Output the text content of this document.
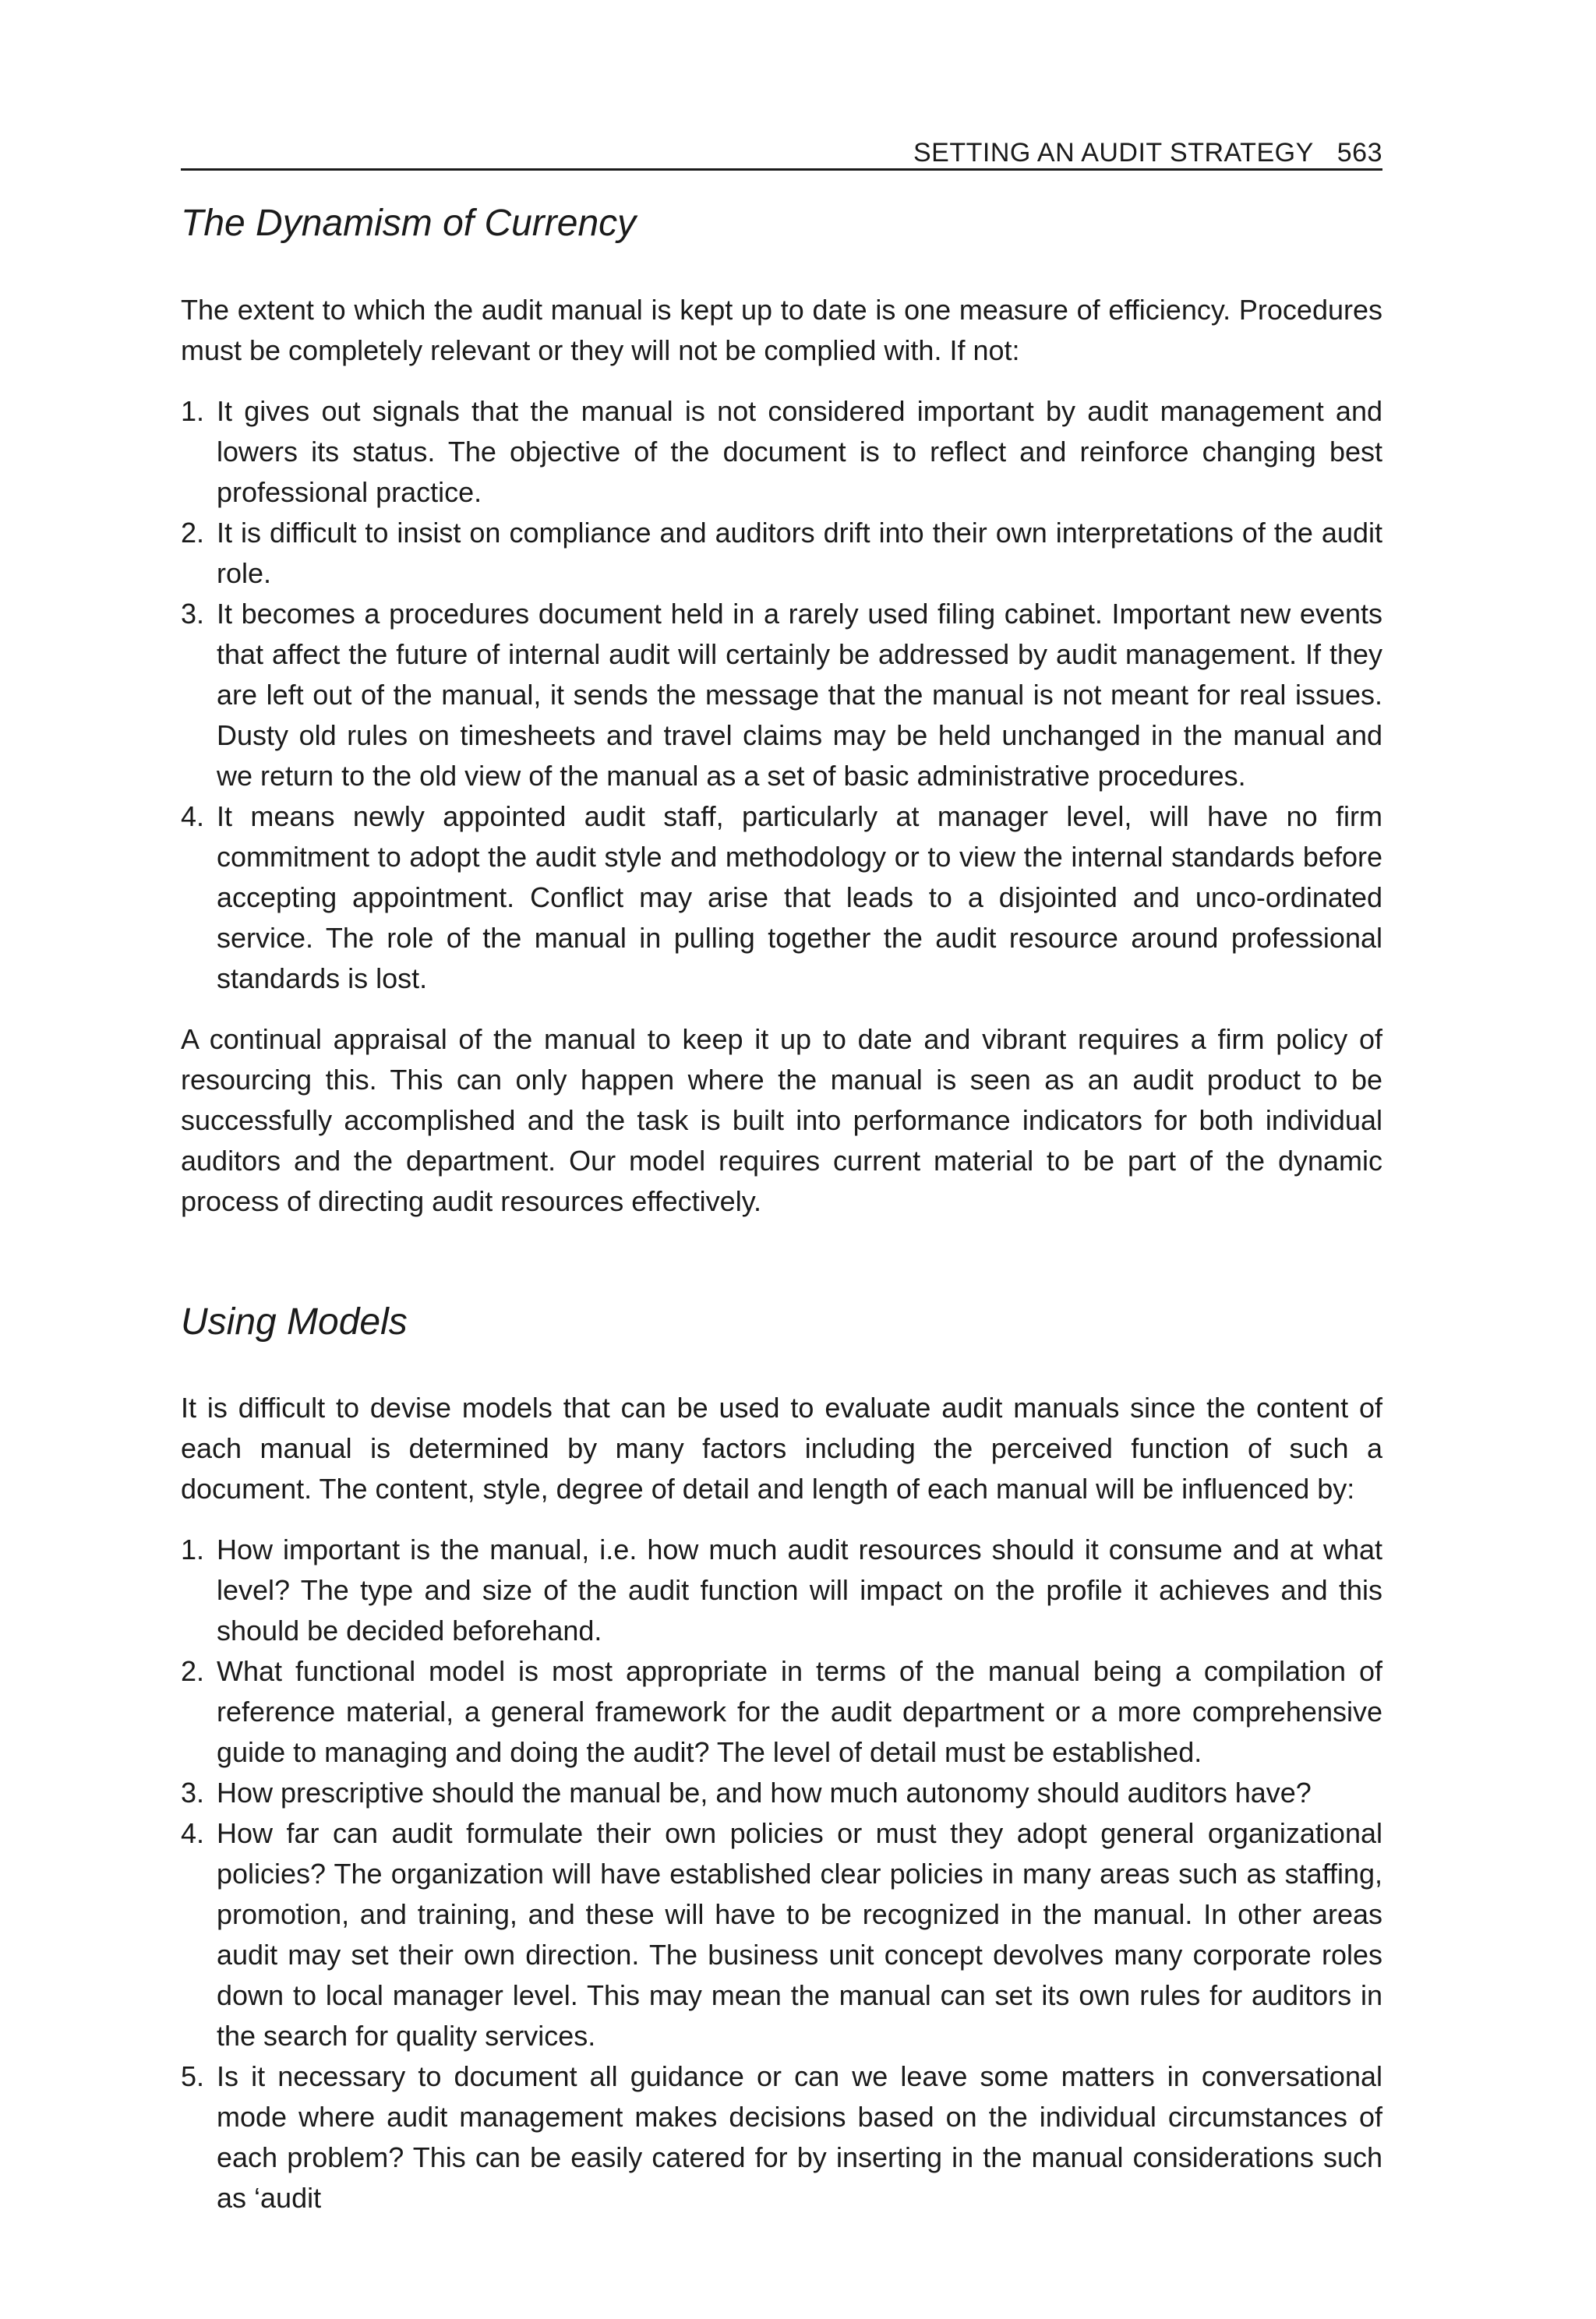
SETTING AN AUDIT STRATEGY 563
The Dynamism of Currency

The extent to which the audit manual is kept up to date is one measure of efficiency. Procedures must be completely relevant or they will not be complied with. If not:

1. It gives out signals that the manual is not considered important by audit management and lowers its status. The objective of the document is to reflect and reinforce changing best professional practice.
2. It is difficult to insist on compliance and auditors drift into their own interpretations of the audit role.
3. It becomes a procedures document held in a rarely used filing cabinet. Important new events that affect the future of internal audit will certainly be addressed by audit management. If they are left out of the manual, it sends the message that the manual is not meant for real issues. Dusty old rules on timesheets and travel claims may be held unchanged in the manual and we return to the old view of the manual as a set of basic administrative procedures.
4. It means newly appointed audit staff, particularly at manager level, will have no firm commitment to adopt the audit style and methodology or to view the internal standards before accepting appointment. Conflict may arise that leads to a disjointed and unco-ordinated service. The role of the manual in pulling together the audit resource around professional standards is lost.

A continual appraisal of the manual to keep it up to date and vibrant requires a firm policy of resourcing this. This can only happen where the manual is seen as an audit product to be successfully accomplished and the task is built into performance indicators for both individual auditors and the department. Our model requires current material to be part of the dynamic process of directing audit resources effectively.

Using Models

It is difficult to devise models that can be used to evaluate audit manuals since the content of each manual is determined by many factors including the perceived function of such a document. The content, style, degree of detail and length of each manual will be influenced by:

1. How important is the manual, i.e. how much audit resources should it consume and at what level? The type and size of the audit function will impact on the profile it achieves and this should be decided beforehand.
2. What functional model is most appropriate in terms of the manual being a compilation of reference material, a general framework for the audit department or a more comprehensive guide to managing and doing the audit? The level of detail must be established.
3. How prescriptive should the manual be, and how much autonomy should auditors have?
4. How far can audit formulate their own policies or must they adopt general organizational policies? The organization will have established clear policies in many areas such as staffing, promotion, and training, and these will have to be recognized in the manual. In other areas audit may set their own direction. The business unit concept devolves many corporate roles down to local manager level. This may mean the manual can set its own rules for auditors in the search for quality services.
5. Is it necessary to document all guidance or can we leave some matters in conversational mode where audit management makes decisions based on the individual circumstances of each problem? This can be easily catered for by inserting in the manual considerations such as ‘audit
